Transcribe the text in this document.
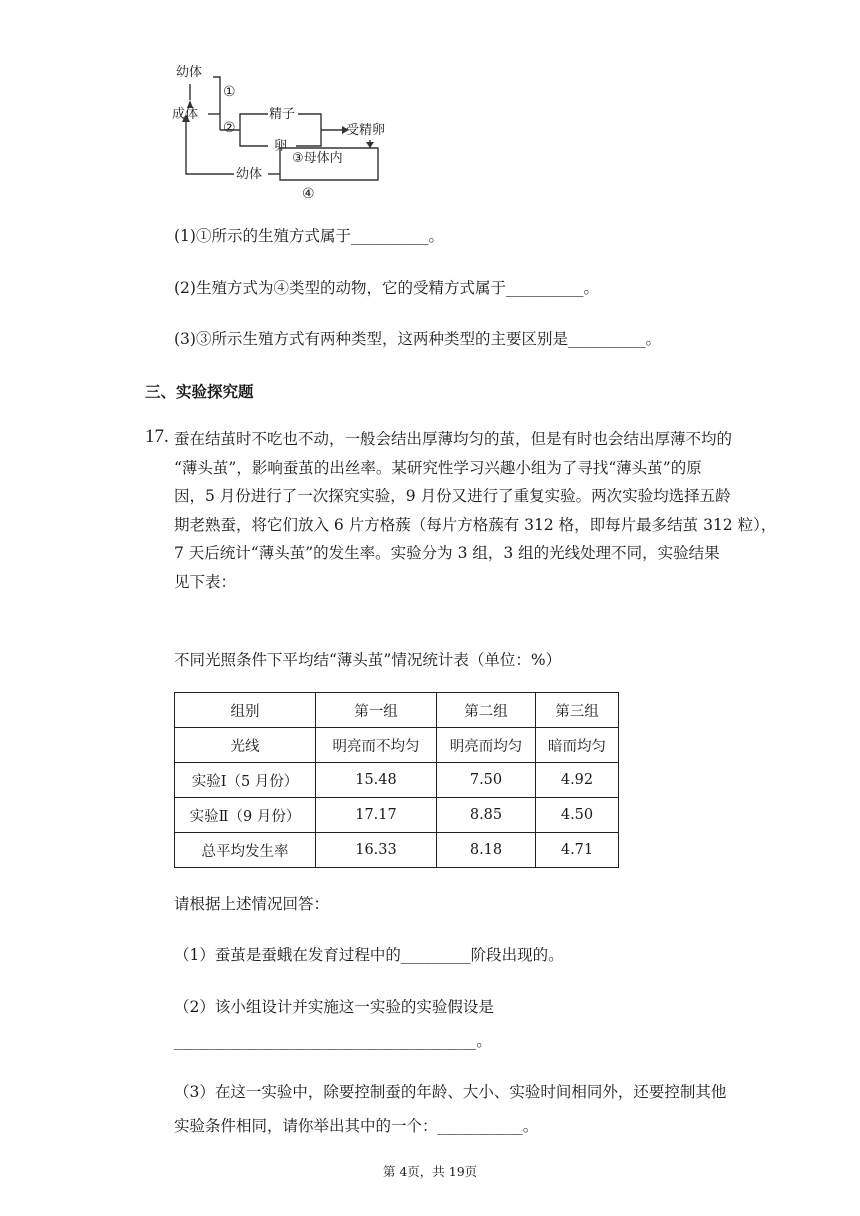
幼体
成体
①
②
精子
卵
受精卵
③母体内
幼体
④
(1)①所示的生殖方式属于__________。
(2)生殖方式为④类型的动物，它的受精方式属于__________。
(3)③所示生殖方式有两种类型，这两种类型的主要区别是__________。
三、实验探究题
17. 蚕在结茧时不吃也不动，一般会结出厚薄均匀的茧，但是有时也会结出厚薄不均的
“薄头茧”，影响蚕茧的出丝率。某研究性学习兴趣小组为了寻找“薄头茧”的原
因，5 月份进行了一次探究实验，9 月份又进行了重复实验。两次实验均选择五龄
期老熟蚕，将它们放入 6 片方格蔟（每片方格蔟有 312 格，即每片最多结茧 312 粒），
7 天后统计“薄头茧”的发生率。实验分为 3 组，3 组的光线处理不同，实验结果
见下表：
不同光照条件下平均结“薄头茧”情况统计表（单位：%）
组别	第一组	第二组	第三组
光线	明亮而不均匀	明亮而均匀	暗而均匀
实验Ⅰ（5 月份）	15.48	7.50	4.92
实验Ⅱ（9 月份）	17.17	8.85	4.50
总平均发生率	16.33	8.18	4.71
请根据上述情况回答：
（1）蚕茧是蚕蛾在发育过程中的_________阶段出现的。
（2）该小组设计并实施这一实验的实验假设是
_______________________________________。
（3）在这一实验中，除要控制蚕的年龄、大小、实验时间相同外，还要控制其他
实验条件相同，请你举出其中的一个：___________。
第 4页，共 19页
